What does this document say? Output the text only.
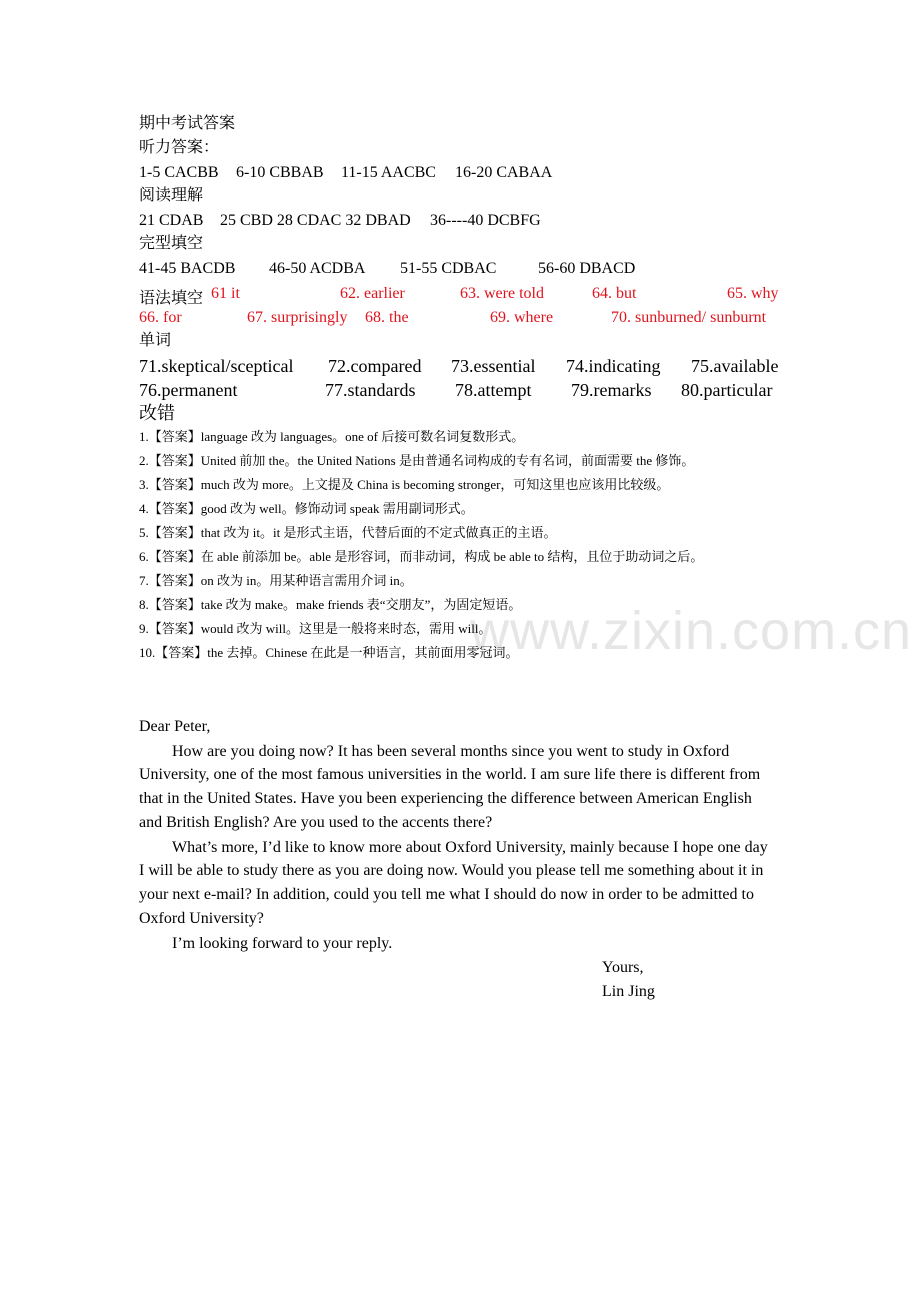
www.zixin.com.cn
期中考试答案
听力答案：
1-5 CACBB 6-10 CBBAB 11-15 AACBC 16-20 CABAA
阅读理解
21 CDAB 25 CBD 28 CDAC 32 DBAD 36----40 DCBFG
完型填空
41-45 BACDB 46-50 ACDBA 51-55 CDBAC	56-60 DBACD
语法填空 61 it	62. earlier	63. were told	64. but	65. why
66. for	67. surprisingly 68. the	69. where	70. sunburned/ sunburnt
单词
71.skeptical/sceptical 72.compared 73.essential 74.indicating 75.available
76.permanent	77.standards 78.attempt 79.remarks 80.particular
改错
1.【答案】language 改为 languages。one of 后接可数名词复数形式。
2.【答案】United 前加 the。the United Nations 是由普通名词构成的专有名词，前面需要 the 修饰。
3.【答案】much 改为 more。上文提及 China is becoming stronger，可知这里也应该用比较级。
4.【答案】good 改为 well。修饰动词 speak 需用副词形式。
5.【答案】that 改为 it。it 是形式主语，代替后面的不定式做真正的主语。
6.【答案】在 able 前添加 be。able 是形容词，而非动词，构成 be able to 结构，且位于助动词之后。
7.【答案】on 改为 in。用某种语言需用介词 in。
8.【答案】take 改为 make。make friends 表“交朋友”，为固定短语。
9.【答案】would 改为 will。这里是一般将来时态，需用 will。
10.【答案】the 去掉。Chinese 在此是一种语言，其前面用零冠词。
Dear Peter,
How are you doing now? It has been several months since you went to study in Oxford
University, one of the most famous universities in the world. I am sure life there is different from
that in the United States. Have you been experiencing the difference between American English
and British English? Are you used to the accents there?
What’s more, I’d like to know more about Oxford University, mainly because I hope one day
I will be able to study there as you are doing now. Would you please tell me something about it in
your next e-mail? In addition, could you tell me what I should do now in order to be admitted to
Oxford University?
I’m looking forward to your reply.
Yours,
Lin Jing
